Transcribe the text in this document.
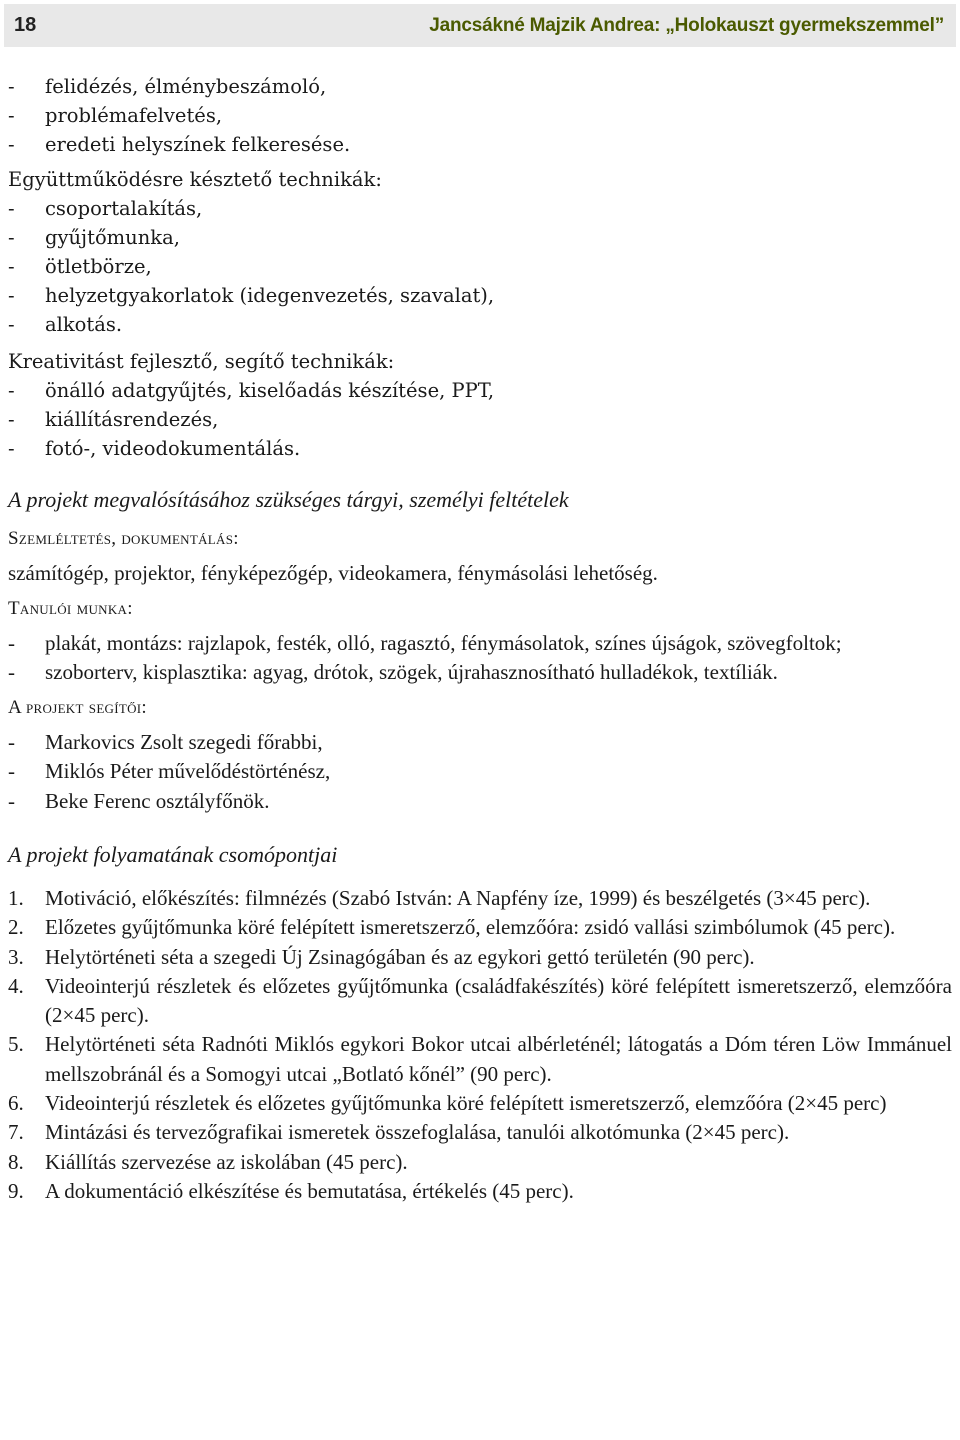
18	Jancsákné Majzik Andrea: „Holokauszt gyermekszemmel”
- felidézés, élménybeszámoló,
- problémafelvetés,
- eredeti helyszínek felkeresése.
Együttműködésre késztető technikák:
- csoportalakítás,
- gyűjtőmunka,
- ötletbörze,
- helyzetgyakorlatok (idegenvezetés, szavalat),
- alkotás.
Kreativitást fejlesztő, segítő technikák:
- önálló adatgyűjtés, kiselőadás készítése, PPT,
- kiállításrendezés,
- fotó-, videodokumentálás.
A projekt megvalósításához szükséges tárgyi, személyi feltételek
Szemléltetés, dokumentálás:

számítógép, projektor, fényképezőgép, videokamera, fénymásolási lehetőség.

Tanulói munka:
- plakát, montázs: rajzlapok, festék, olló, ragasztó, fénymásolatok, színes újságok, szövegfoltok;
- szoborterv, kisplasztika: agyag, drótok, szögek, újrahasznosítható hulladékok, textíliák.
A projekt segítői:
- Markovics Zsolt szegedi főrabbi,
- Miklós Péter művelődéstörténész,
- Beke Ferenc osztályfőnök.
A projekt folyamatának csomópontjai
1. Motiváció, előkészítés: filmnézés (Szabó István: A Napfény íze, 1999) és beszélgetés (3×45 perc).
2. Előzetes gyűjtőmunka köré felépített ismeretszerző, elemzőóra: zsidó vallási szimbólumok (45 perc).
3. Helytörténeti séta a szegedi Új Zsinagógában és az egykori gettó területén (90 perc).
4. Videointerjú részletek és előzetes gyűjtőmunka (családfakészítés) köré felépített ismeretszerző, elemzőóra (2×45 perc).
5. Helytörténeti séta Radnóti Miklós egykori Bokor utcai albérleténél; látogatás a Dóm téren Löw Immánuel mellszobránál és a Somogyi utcai „Botlató kőnél” (90 perc).
6. Videointerjú részletek és előzetes gyűjtőmunka köré felépített ismeretszerző, elemzőóra (2×45 perc)
7. Mintázási és tervezőgrafikai ismeretek összefoglalása, tanulói alkotómunka (2×45 perc).
8. Kiállítás szervezése az iskolában (45 perc).
9. A dokumentáció elkészítése és bemutatása, értékelés (45 perc).
